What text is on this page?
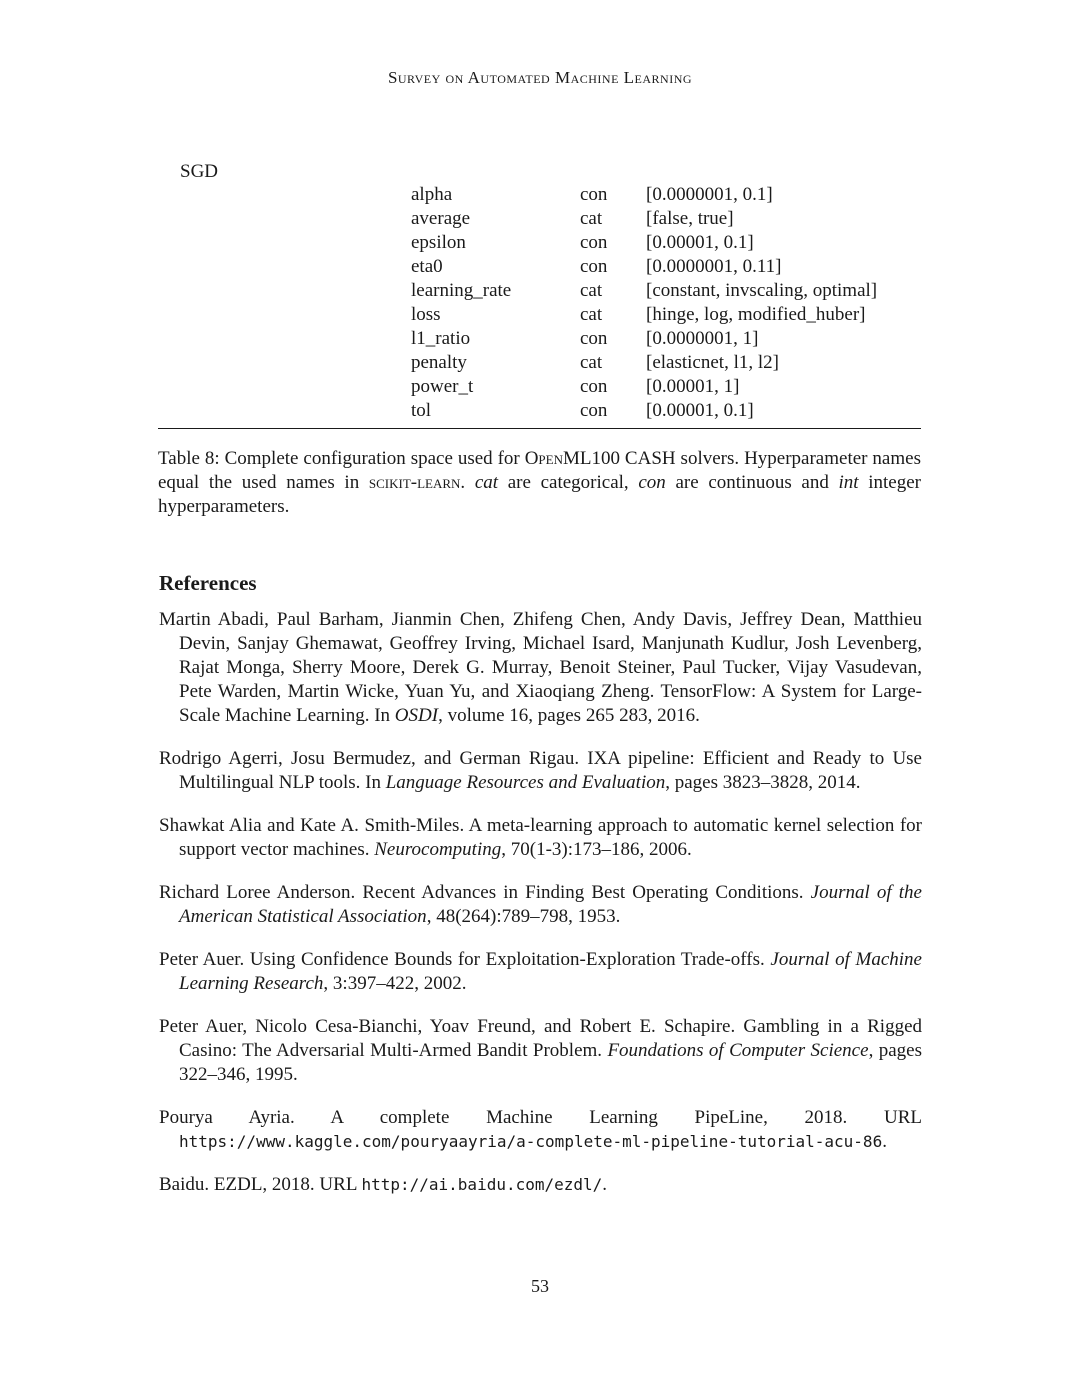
Survey on Automated Machine Learning
SGD
alpha	con	[0.0000001, 0.1]
average	cat	[false, true]
epsilon	con	[0.00001, 0.1]
eta0	con	[0.0000001, 0.11]
learning_rate	cat	[constant, invscaling, optimal]
loss	cat	[hinge, log, modified_huber]
l1_ratio	con	[0.0000001, 1]
penalty	cat	[elasticnet, l1, l2]
power_t	con	[0.00001, 1]
tol	con	[0.00001, 0.1]
Table 8: Complete configuration space used for OpenML100 CASH solvers. Hyperparameter names equal the used names in scikit-learn. cat are categorical, con are continuous and int integer hyperparameters.
References
Martin Abadi, Paul Barham, Jianmin Chen, Zhifeng Chen, Andy Davis, Jeffrey Dean, Matthieu Devin, Sanjay Ghemawat, Geoffrey Irving, Michael Isard, Manjunath Kudlur, Josh Levenberg, Rajat Monga, Sherry Moore, Derek G. Murray, Benoit Steiner, Paul Tucker, Vijay Vasudevan, Pete Warden, Martin Wicke, Yuan Yu, and Xiaoqiang Zheng. TensorFlow: A System for Large-Scale Machine Learning. In OSDI, volume 16, pages 265 283, 2016.
Rodrigo Agerri, Josu Bermudez, and German Rigau. IXA pipeline: Efficient and Ready to Use Multilingual NLP tools. In Language Resources and Evaluation, pages 3823–3828, 2014.
Shawkat Alia and Kate A. Smith-Miles. A meta-learning approach to automatic kernel selection for support vector machines. Neurocomputing, 70(1-3):173–186, 2006.
Richard Loree Anderson. Recent Advances in Finding Best Operating Conditions. Journal of the American Statistical Association, 48(264):789–798, 1953.
Peter Auer. Using Confidence Bounds for Exploitation-Exploration Trade-offs. Journal of Machine Learning Research, 3:397–422, 2002.
Peter Auer, Nicolo Cesa-Bianchi, Yoav Freund, and Robert E. Schapire. Gambling in a Rigged Casino: The Adversarial Multi-Armed Bandit Problem. Foundations of Computer Science, pages 322–346, 1995.
Pourya Ayria. A complete Machine Learning PipeLine, 2018. URL https://www.kaggle.com/pouryaayria/a-complete-ml-pipeline-tutorial-acu-86.
Baidu. EZDL, 2018. URL http://ai.baidu.com/ezdl/.
53
